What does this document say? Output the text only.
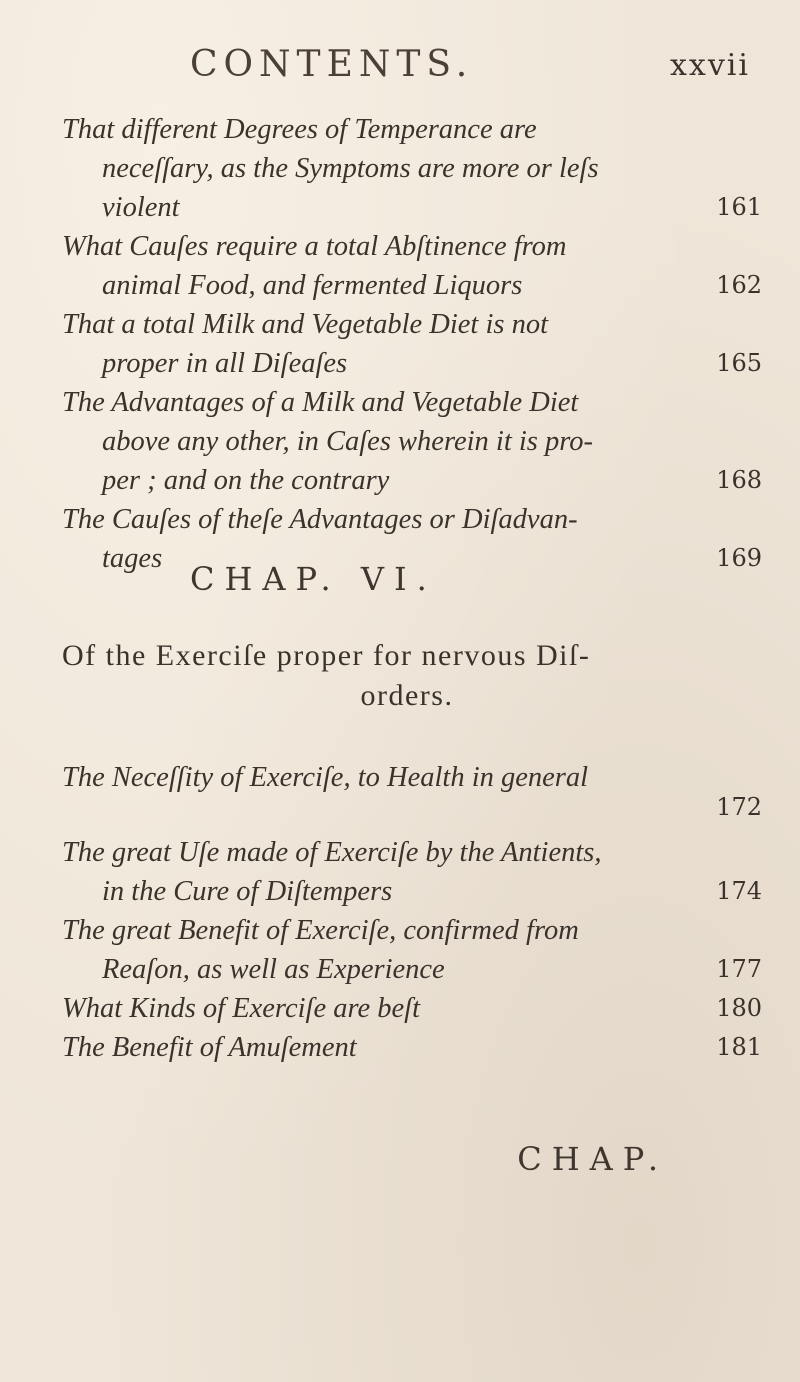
CONTENTS.	xxvii
That different Degrees of Temperance are
neceſſary, as the Symptoms are more or leſs
violent	161
What Cauſes require a total Abſtinence from
animal Food, and fermented Liquors	162
That a total Milk and Vegetable Diet is not
proper in all Diſeaſes	165
The Advantages of a Milk and Vegetable Diet
above any other, in Caſes wherein it is pro-
per ; and on the contrary	168
The Cauſes of theſe Advantages or Diſadvan-
tages	169
CHAP. VI.
Of the Exerciſe proper for nervous Diſ-
orders.
The Neceſſity of Exerciſe, to Health in general
172
The great Uſe made of Exerciſe by the Antients,
in the Cure of Diſtempers	174
The great Benefit of Exerciſe, confirmed from
Reaſon, as well as Experience	177
What Kinds of Exerciſe are beſt	180
The Benefit of Amuſement	181
CHAP.
